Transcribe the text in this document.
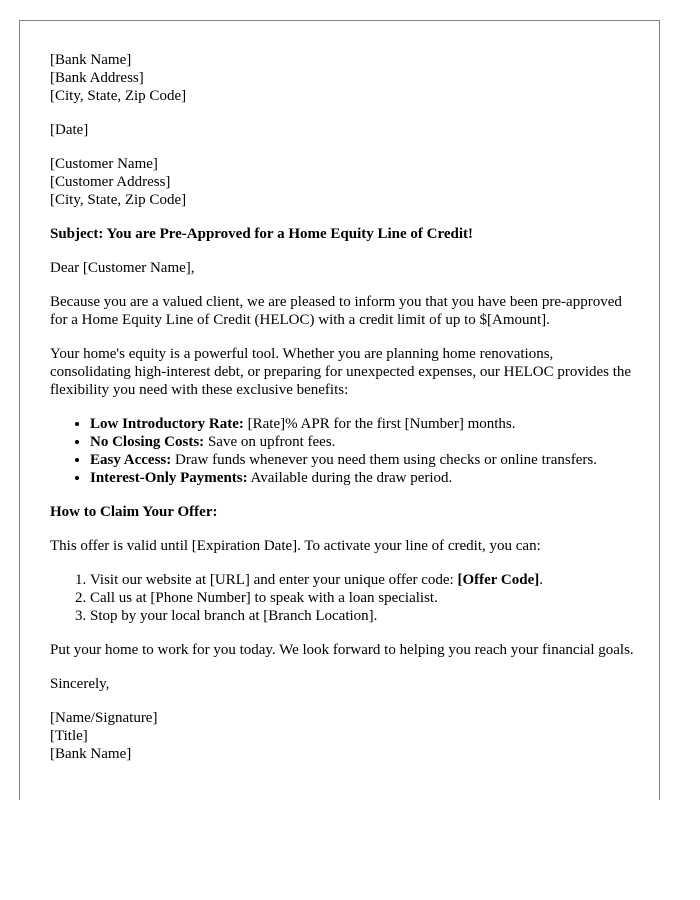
[Bank Name]
[Bank Address]
[City, State, Zip Code]
[Date]
[Customer Name]
[Customer Address]
[City, State, Zip Code]
Subject: You are Pre-Approved for a Home Equity Line of Credit!

Dear [Customer Name],

Because you are a valued client, we are pleased to inform you that you have been pre-approved for a Home Equity Line of Credit (HELOC) with a credit limit of up to $[Amount].

Your home's equity is a powerful tool. Whether you are planning home renovations, consolidating high-interest debt, or preparing for unexpected expenses, our HELOC provides the flexibility you need with these exclusive benefits:

• Low Introductory Rate: [Rate]% APR for the first [Number] months.
• No Closing Costs: Save on upfront fees.
• Easy Access: Draw funds whenever you need them using checks or online transfers.
• Interest-Only Payments: Available during the draw period.

How to Claim Your Offer:

This offer is valid until [Expiration Date]. To activate your line of credit, you can:

1. Visit our website at [URL] and enter your unique offer code: [Offer Code].
2. Call us at [Phone Number] to speak with a loan specialist.
3. Stop by your local branch at [Branch Location].

Put your home to work for you today. We look forward to helping you reach your financial goals.

Sincerely,

[Name/Signature]
[Title]
[Bank Name]
